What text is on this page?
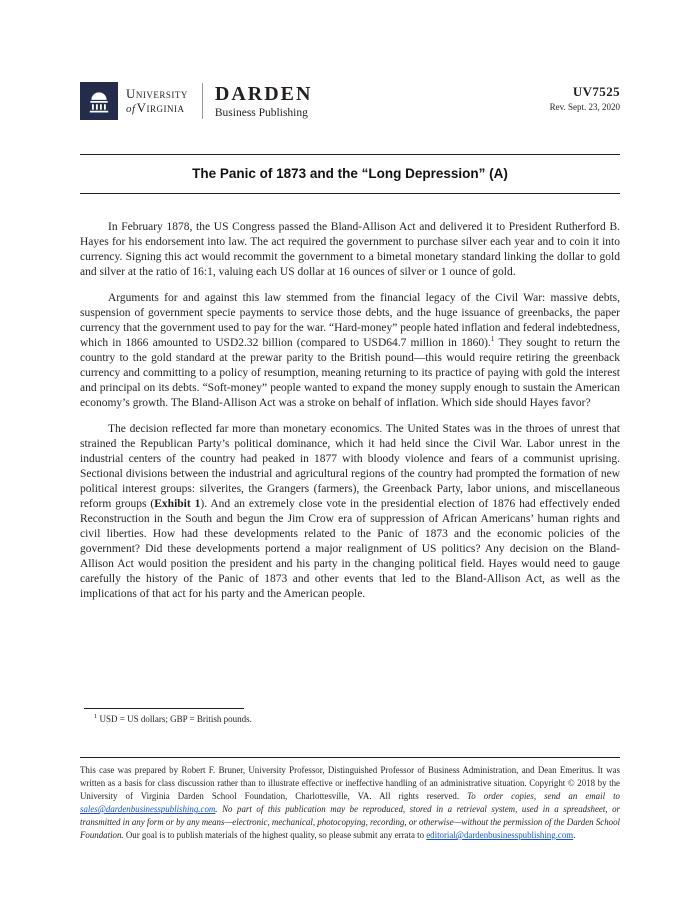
University
ofVirginia
DARDEN
Business Publishing
UV7525
Rev. Sept. 23, 2020
The Panic of 1873 and the “Long Depression” (A)

In February 1878, the US Congress passed the Bland-Allison Act and delivered it to President Rutherford B. Hayes for his endorsement into law. The act required the government to purchase silver each year and to coin it into currency. Signing this act would recommit the government to a bimetal monetary standard linking the dollar to gold and silver at the ratio of 16:1, valuing each US dollar at 16 ounces of silver or 1 ounce of gold.

Arguments for and against this law stemmed from the financial legacy of the Civil War: massive debts, suspension of government specie payments to service those debts, and the huge issuance of greenbacks, the paper currency that the government used to pay for the war. “Hard-money” people hated inflation and federal indebtedness, which in 1866 amounted to USD2.32 billion (compared to USD64.7 million in 1860).$^1$ They sought to return the country to the gold standard at the prewar parity to the British pound—this would require retiring the greenback currency and committing to a policy of resumption, meaning returning to its practice of paying with gold the interest and principal on its debts. “Soft-money” people wanted to expand the money supply enough to sustain the American economy’s growth. The Bland-Allison Act was a stroke on behalf of inflation. Which side should Hayes favor?

The decision reflected far more than monetary economics. The United States was in the throes of unrest that strained the Republican Party’s political dominance, which it had held since the Civil War. Labor unrest in the industrial centers of the country had peaked in 1877 with bloody violence and fears of a communist uprising. Sectional divisions between the industrial and agricultural regions of the country had prompted the formation of new political interest groups: silverites, the Grangers (farmers), the Greenback Party, labor unions, and miscellaneous reform groups (Exhibit 1). And an extremely close vote in the presidential election of 1876 had effectively ended Reconstruction in the South and begun the Jim Crow era of suppression of African Americans’ human rights and civil liberties. How had these developments related to the Panic of 1873 and the economic policies of the government? Did these developments portend a major realignment of US politics? Any decision on the Bland-Allison Act would position the president and his party in the changing political field. Hayes would need to gauge carefully the history of the Panic of 1873 and other events that led to the Bland-Allison Act, as well as the implications of that act for his party and the American people.

$^1$ USD = US dollars; GBP = British pounds.

This case was prepared by Robert F. Bruner, University Professor, Distinguished Professor of Business Administration, and Dean Emeritus. It was written as a basis for class discussion rather than to illustrate effective or ineffective handling of an administrative situation. Copyright © 2018 by the University of Virginia Darden School Foundation, Charlottesville, VA. All rights reserved. To order copies, send an email to sales@dardenbusinesspublishing.com. No part of this publication may be reproduced, stored in a retrieval system, used in a spreadsheet, or transmitted in any form or by any means—electronic, mechanical, photocopying, recording, or otherwise—without the permission of the Darden School Foundation. Our goal is to publish materials of the highest quality, so please submit any errata to editorial@dardenbusinesspublishing.com.
